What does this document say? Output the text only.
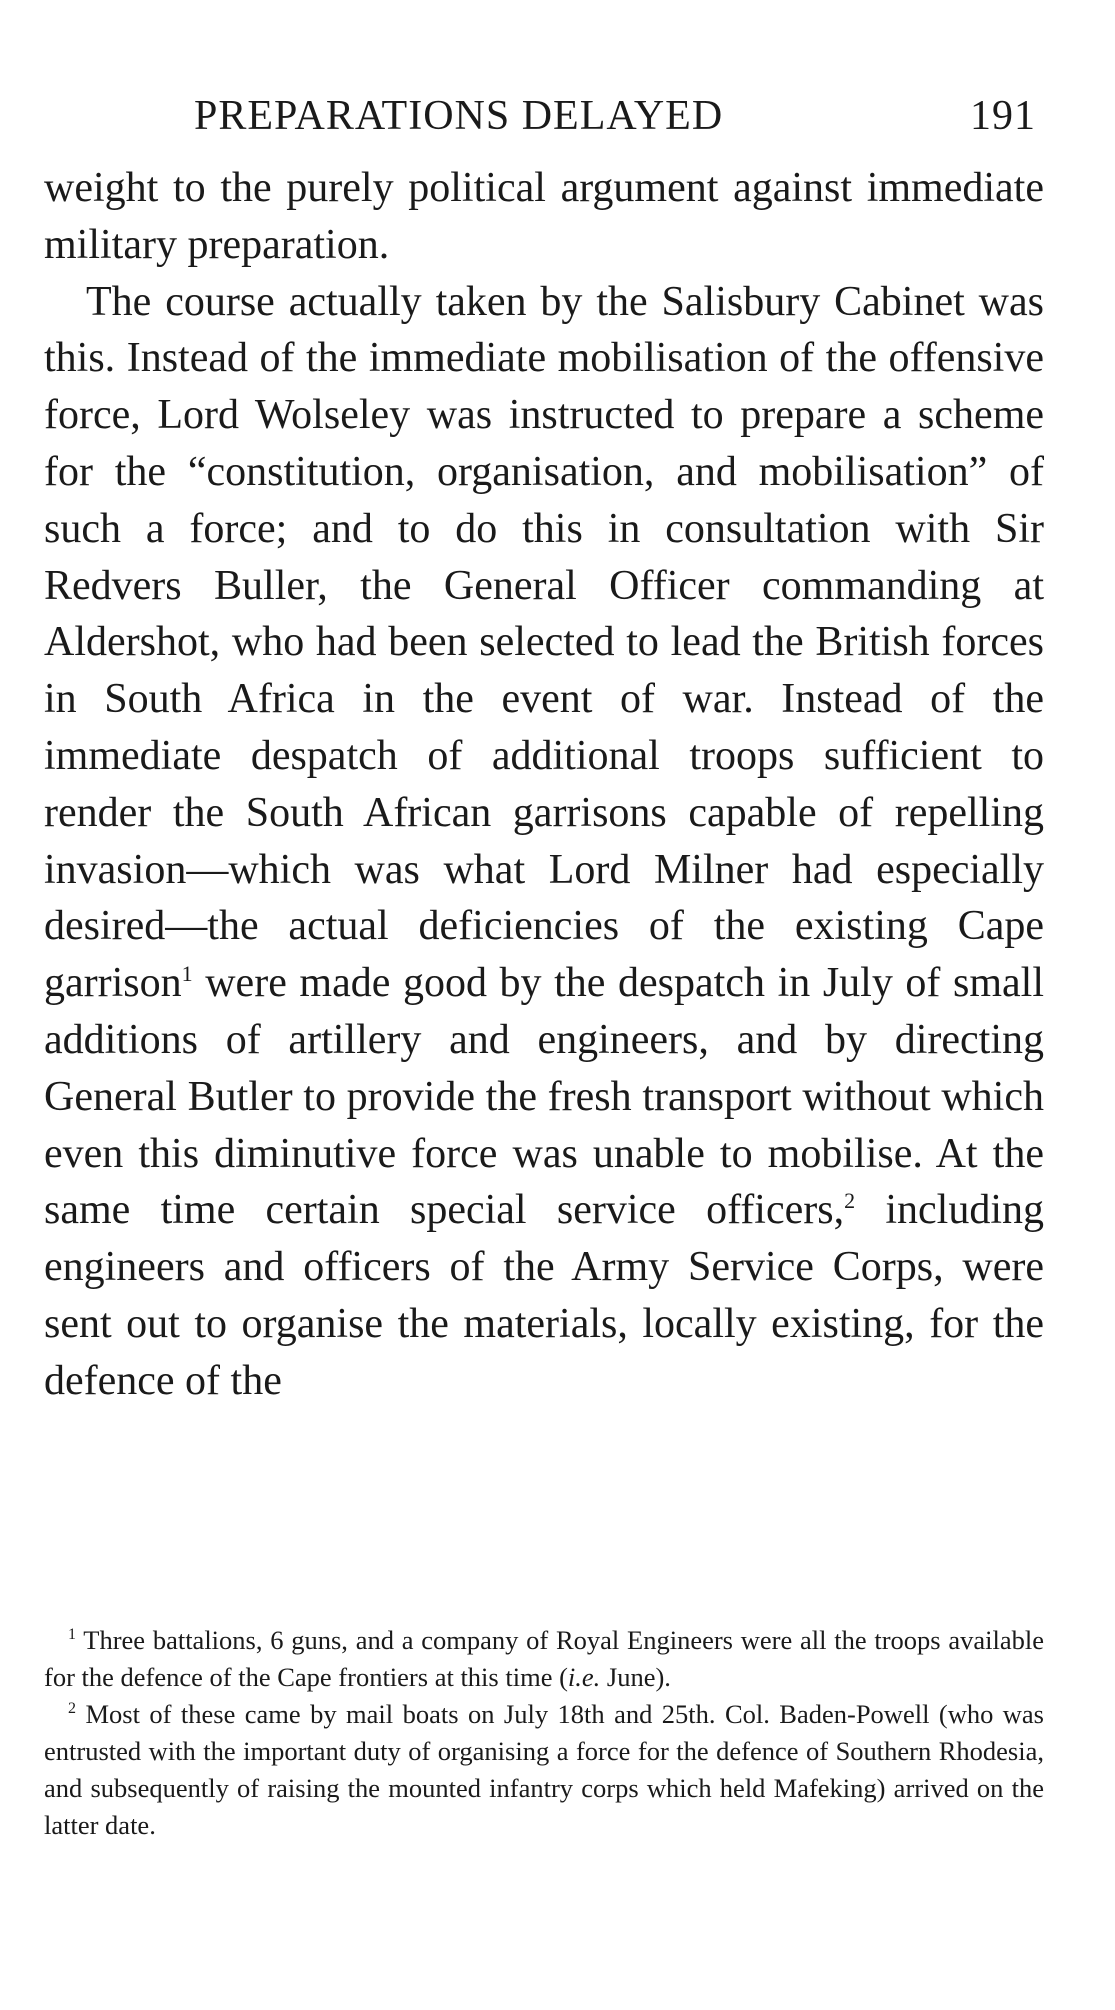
PREPARATIONS DELAYED	191

weight to the purely political argument against immediate military preparation.

The course actually taken by the Salisbury Cabinet was this. Instead of the immediate mobilisation of the offensive force, Lord Wolseley was instructed to prepare a scheme for the “constitution, organisation, and mobilisation” of such a force; and to do this in consultation with Sir Redvers Buller, the General Officer commanding at Aldershot, who had been selected to lead the British forces in South Africa in the event of war. Instead of the immediate despatch of additional troops sufficient to render the South African garrisons capable of repelling invasion—which was what Lord Milner had especially desired—the actual deficiencies of the existing Cape garrison$^1$ were made good by the despatch in July of small additions of artillery and engineers, and by directing General Butler to provide the fresh transport without which even this diminutive force was unable to mobilise. At the same time certain special service officers,$^2$ including engineers and officers of the Army Service Corps, were sent out to organise the materials, locally existing, for the defence of the

$^1$ Three battalions, 6 guns, and a company of Royal Engineers were all the troops available for the defence of the Cape frontiers at this time (i.e. June).

$^2$ Most of these came by mail boats on July 18th and 25th. Col. Baden-Powell (who was entrusted with the important duty of organising a force for the defence of Southern Rhodesia, and subsequently of raising the mounted infantry corps which held Mafeking) arrived on the latter date.
